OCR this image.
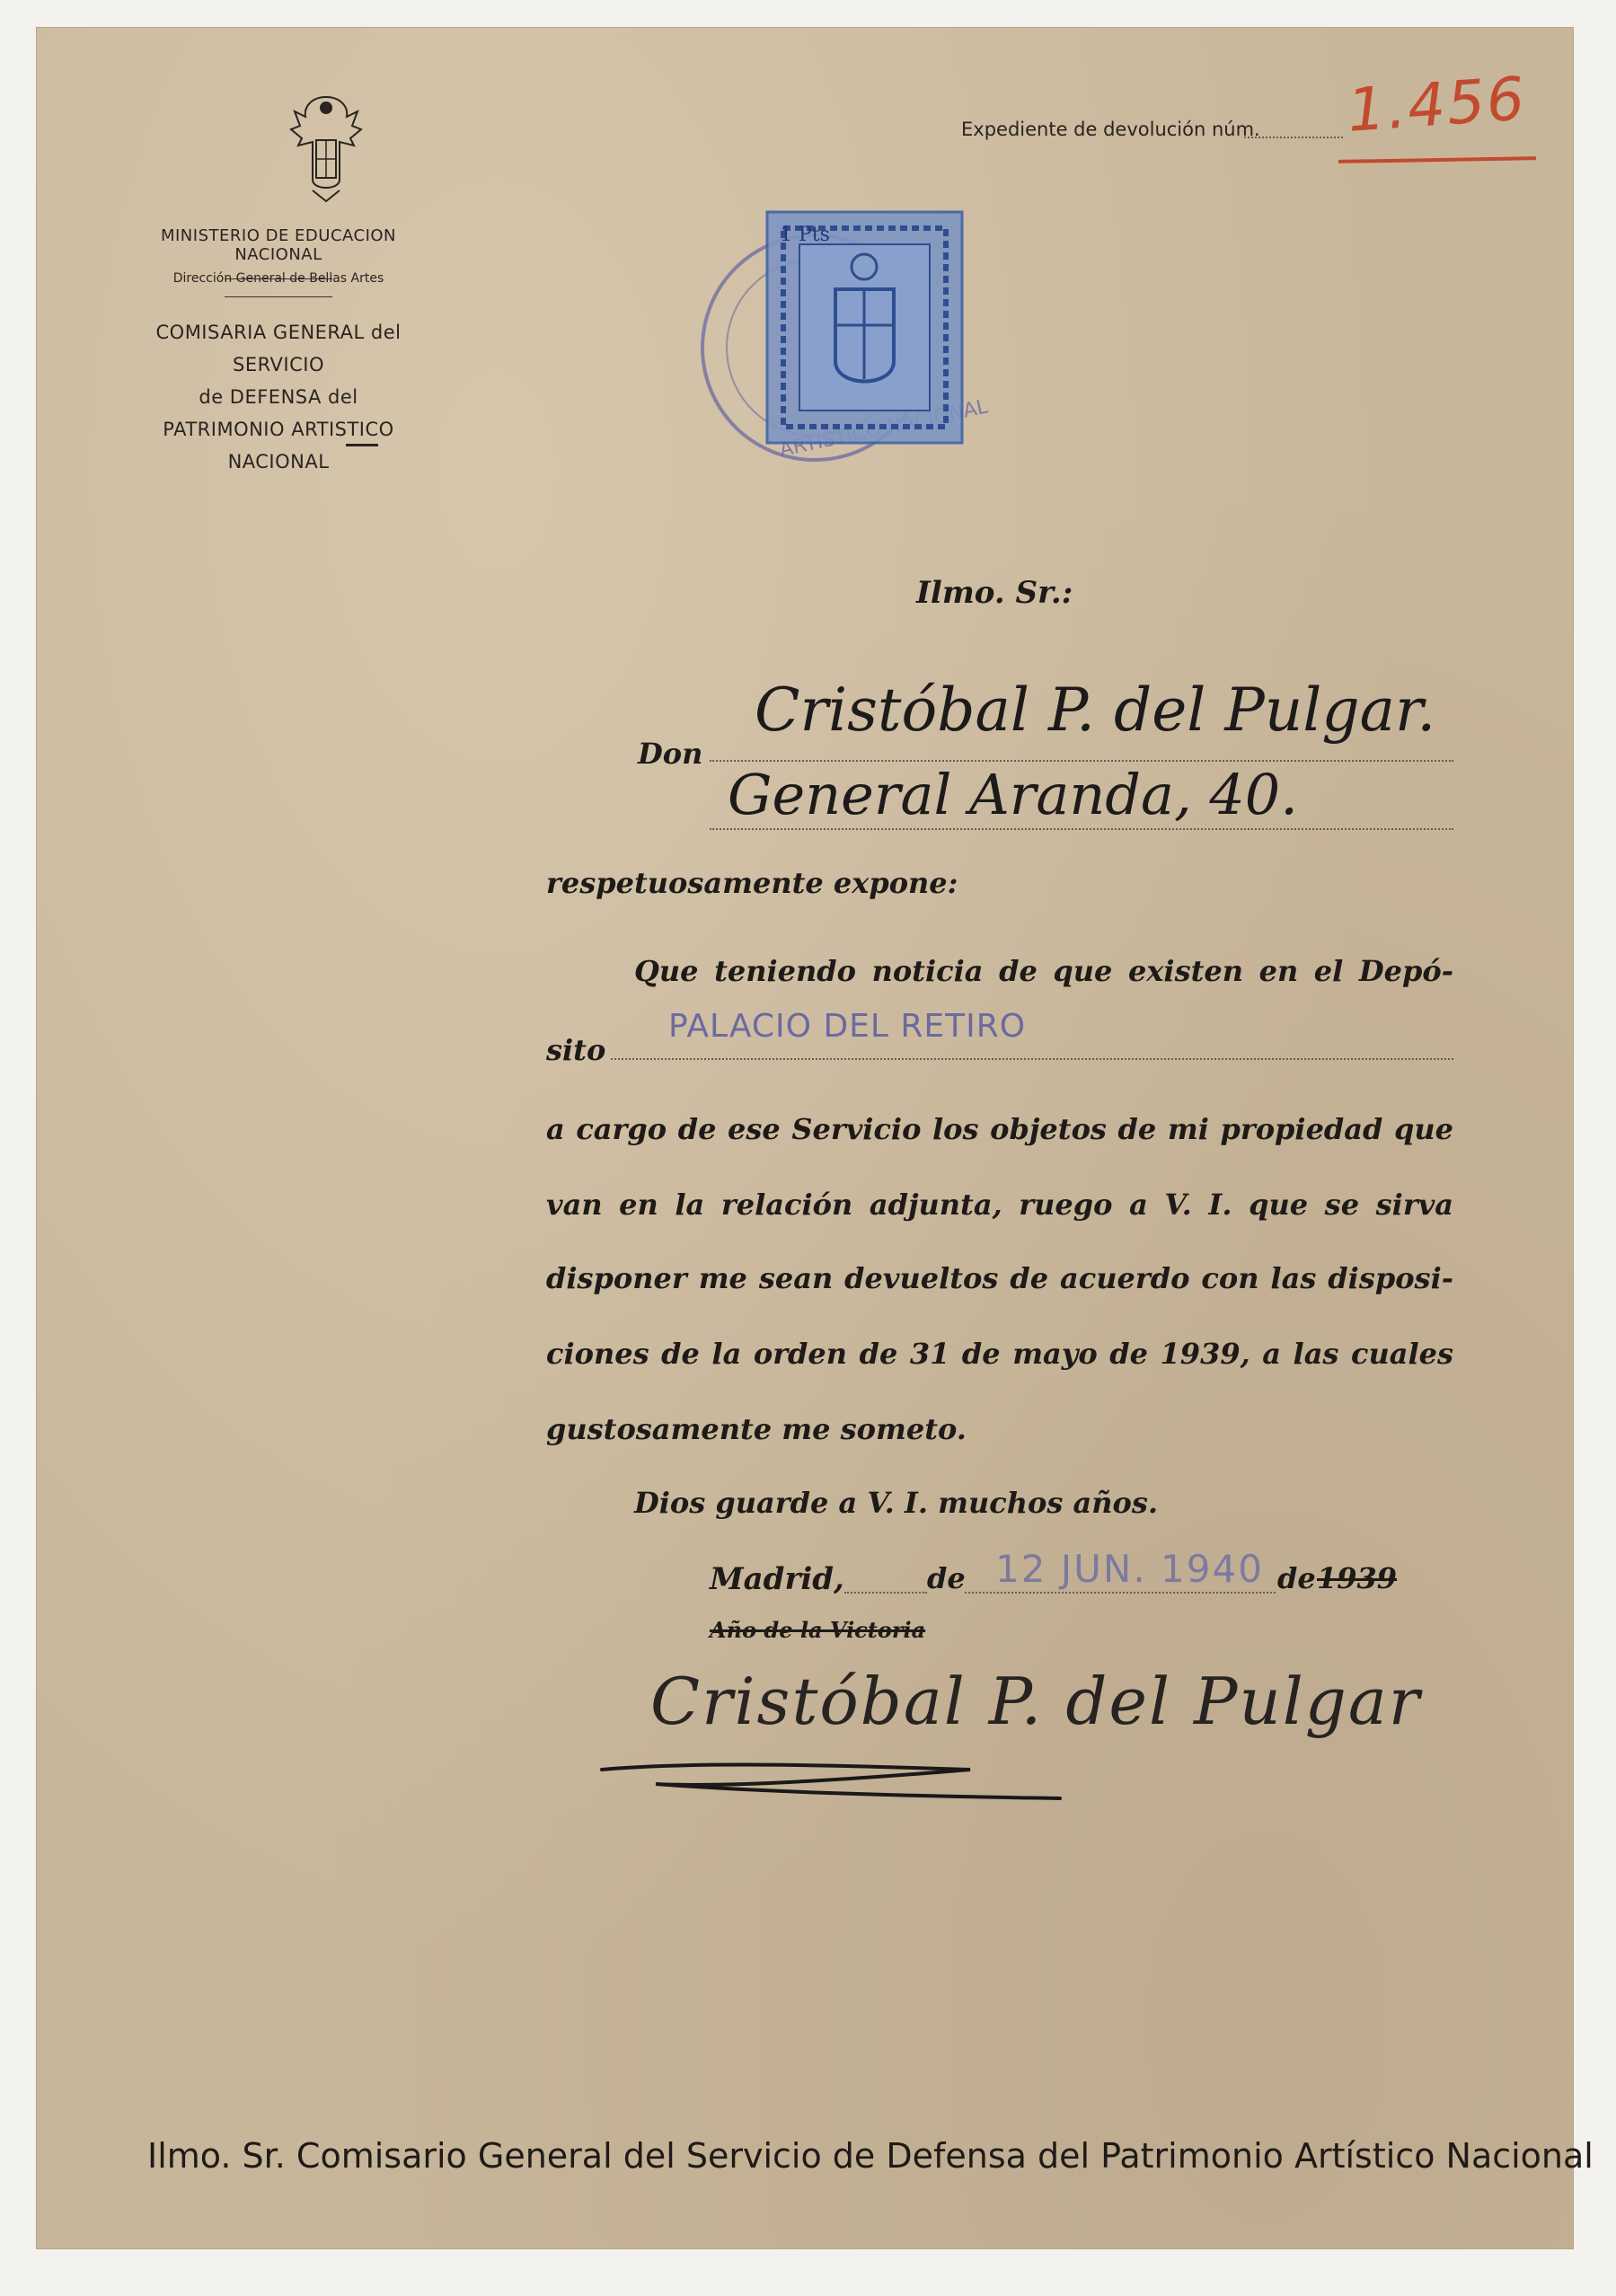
MINISTERIO DE EDUCACION NACIONAL
Dirección General de Bellas Artes
COMISARIA GENERAL del SERVICIO
de DEFENSA del
PATRIMONIO ARTISTICO NACIONAL
Expediente de devolución núm. 1.456
1 Pts
Ilmo. Sr.:
Don
Cristóbal P. del Pulgar.
General Aranda, 40.
respetuosamente expone:
Que teniendo noticia de que existen en el Depó-
sito
PALACIO DEL RETIRO
a cargo de ese Servicio los objetos de mi propiedad que
van en la relación adjunta, ruego a V. I. que se sirva
disponer me sean devueltos de acuerdo con las disposi-
ciones de la orden de 31 de mayo de 1939, a las cuales
gustosamente me someto.
Dios guarde a V. I. muchos años.
Madrid,	de 12 JUN. 1940 de 1939
Año de la Victoria
Cristóbal P. del Pulgar
Ilmo. Sr. Comisario General del Servicio de Defensa del Patrimonio Artístico Nacional
